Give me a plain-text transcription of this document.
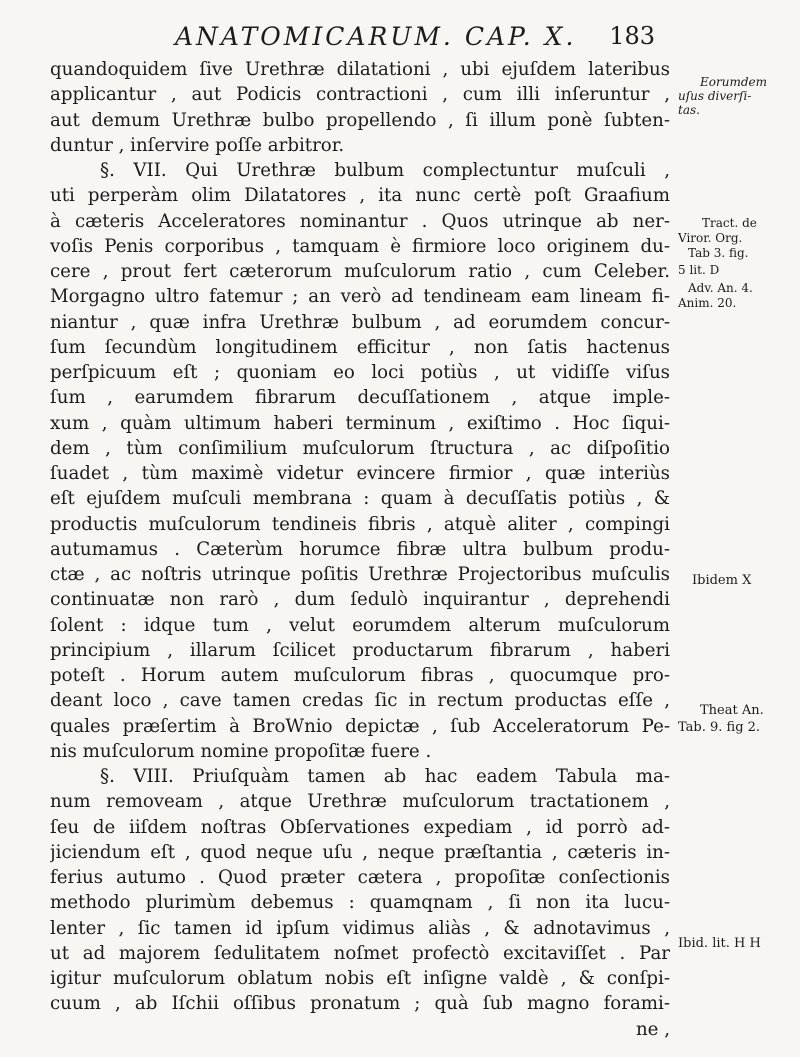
ANATOMICARUM. CAP. X. 183
quandoquidem ſive Urethræ dilatationi , ubi ejuſdem lateribus
applicantur , aut Podicis contractioni , cum illi inſeruntur ,
aut demum Urethræ bulbo propellendo , ſi illum ponè ſubten-
duntur , inſervire poſſe arbitror.
§. VII. Qui Urethræ bulbum complectuntur muſculi ,
uti perperàm olim Dilatatores , ita nunc certè poſt Graafium
à cæteris Acceleratores nominantur . Quos utrinque ab ner-
voſis Penis corporibus , tamquam è firmiore loco originem du-
cere , prout fert cæterorum muſculorum ratio , cum Celeber.
Morgagno ultro fatemur ; an verò ad tendineam eam lineam fi-
niantur , quæ infra Urethræ bulbum , ad eorumdem concur-
ſum ſecundùm longitudinem efficitur , non ſatis hactenus
perſpicuum eſt ; quoniam eo loci potiùs , ut vidiſſe viſus
ſum , earumdem fibrarum decuſſationem , atque imple-
xum , quàm ultimum haberi terminum , exiſtimo . Hoc ſiqui-
dem , tùm conſimilium muſculorum ſtructura , ac diſpoſitio
ſuadet , tùm maximè videtur evincere firmior , quæ interiùs
eſt ejuſdem muſculi membrana : quam à decuſſatis potiùs , &
productis muſculorum tendineis fibris , atquè aliter , compingi
autumamus . Cæterùm horumce fibræ ultra bulbum produ-
ctæ , ac noſtris utrinque poſitis Urethræ Projectoribus muſculis
continuatæ non rarò , dum ſedulò inquirantur , deprehendi
ſolent : idque tum , velut eorumdem alterum muſculorum
principium , illarum ſcilicet productarum fibrarum , haberi
poteſt . Horum autem muſculorum fibras , quocumque pro-
deant loco , cave tamen credas ſic in rectum productas eſſe ,
quales præſertim à BroWnio depictæ , ſub Acceleratorum Pe-
nis muſculorum nomine propoſitæ fuere .
§. VIII. Priuſquàm tamen ab hac eadem Tabula ma-
num removeam , atque Urethræ muſculorum tractationem ,
ſeu de iiſdem noſtras Obſervationes expediam , id porrò ad-
jiciendum eſt , quod neque uſu , neque præſtantia , cæteris in-
ferius autumo . Quod præter cætera , propoſitæ conſectionis
methodo plurimùm debemus : quamqnam , ſi non ita lucu-
lenter , ſic tamen id ipſum vidimus aliàs , & adnotavimus ,
ut ad majorem ſedulitatem noſmet profectò excitaviſſet . Par
igitur muſculorum oblatum nobis eſt inſigne valdè , & conſpi-
cuum , ab Iſchii oſſibus pronatum ; quà ſub magno forami-
ne ,
Eorumdem
uſus diverſi-
tas.
Tract. de
Viror. Org.
Tab 3. fig.
5 lit. D
Adv. An. 4.
Anim. 20.
Ibidem X
Theat An.
Tab. 9. fig 2.
Ibid. lit. H H
